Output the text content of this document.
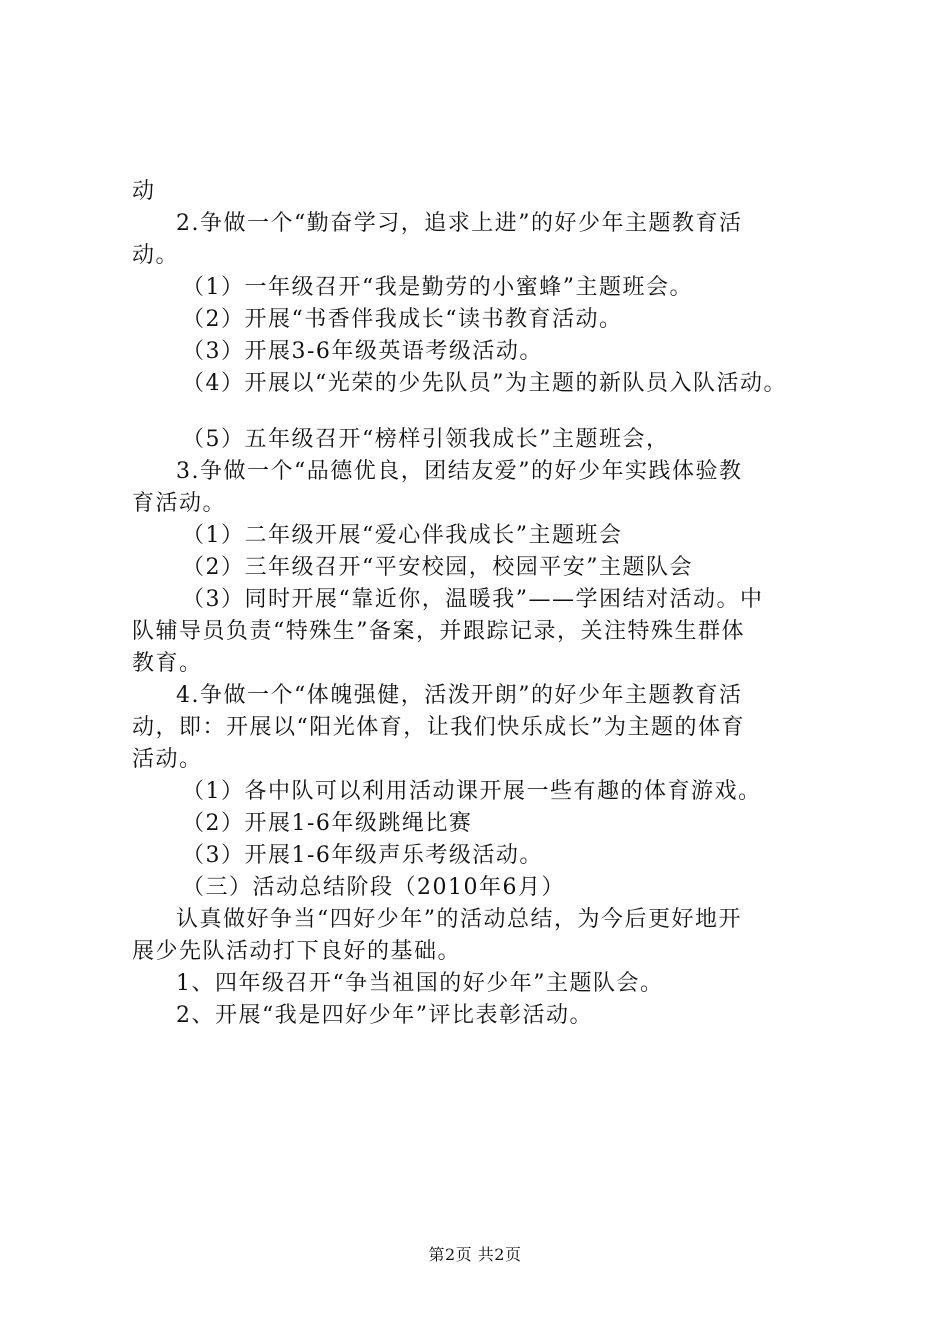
动
2.争做一个“勤奋学习，追求上进”的好少年主题教育活
动。
（1）一年级召开“我是勤劳的小蜜蜂”主题班会。
（2）开展“书香伴我成长“读书教育活动。
（3）开展3-6年级英语考级活动。
（4）开展以“光荣的少先队员”为主题的新队员入队活动。
（5）五年级召开“榜样引领我成长”主题班会，
3.争做一个“品德优良，团结友爱”的好少年实践体验教
育活动。
（1）二年级开展“爱心伴我成长”主题班会
（2）三年级召开“平安校园，校园平安”主题队会
（3）同时开展“靠近你，温暖我”——学困结对活动。中
队辅导员负责“特殊生”备案，并跟踪记录，关注特殊生群体
教育。
4.争做一个“体魄强健，活泼开朗”的好少年主题教育活
动，即：开展以“阳光体育，让我们快乐成长”为主题的体育
活动。
（1）各中队可以利用活动课开展一些有趣的体育游戏。
（2）开展1-6年级跳绳比赛
（3）开展1-6年级声乐考级活动。
（三）活动总结阶段（2010年6月）
认真做好争当“四好少年”的活动总结，为今后更好地开
展少先队活动打下良好的基础。
1、四年级召开“争当祖国的好少年”主题队会。
2、开展“我是四好少年”评比表彰活动。
第2页 共2页
